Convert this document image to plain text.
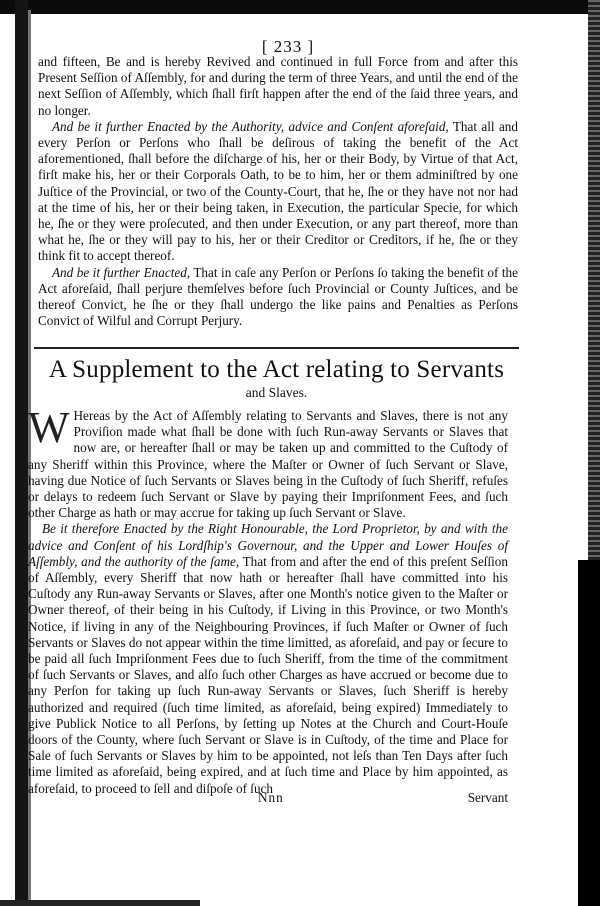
[ 233 ]

and fifteen, Be and is hereby Revived and continued in full Force from and after this Present Seſſion of Aſſembly, for and during the term of three Years, and until the end of the next Seſſion of Aſſembly, which ſhall firſt happen after the end of the ſaid three years, and no longer.

And be it further Enacted by the Authority, advice and Conſent aforeſaid, That all and every Perſon or Perſons who ſhall be deſirous of taking the benefit of the Act aforementioned, ſhall before the diſcharge of his, her or their Body, by Virtue of that Act, firſt make his, her or their Corporals Oath, to be to him, her or them adminiſtred by one Juſtice of the Provincial, or two of the County-Court, that he, ſhe or they have not nor had at the time of his, her or their being taken, in Execution, the particular Specie, for which he, ſhe or they were proſecuted, and then under Execution, or any part thereof, more than what he, ſhe or they will pay to his, her or their Creditor or Creditors, if he, ſhe or they think fit to accept thereof.

And be it further Enacted, That in caſe any Perſon or Perſons ſo taking the benefit of the Act aforeſaid, ſhall perjure themſelves before ſuch Provincial or County Juſtices, and be thereof Convict, he ſhe or they ſhall undergo the like pains and Penalties as Perſons Convict of Wilful and Corrupt Perjury.

A Supplement to the Act relating to Servants
and Slaves.

W Hereas by the Act of Aſſembly relating to Servants and Slaves, there is not any Proviſion made what ſhall be done with ſuch Run-away Servants or Slaves that now are, or hereafter ſhall or may be taken up and committed to the Cuſtody of any Sheriff within this Province, where the Maſter or Owner of ſuch Servant or Slave, having due Notice of ſuch Servants or Slaves being in the Cuſtody of ſuch Sheriff, refuſes or delays to redeem ſuch Servant or Slave by paying their Impriſonment Fees, and ſuch other Charge as hath or may accrue for taking up ſuch Servant or Slave.

Be it therefore Enacted by the Right Honourable, the Lord Proprietor, by and with the advice and Conſent of his Lordſhip's Governour, and the Upper and Lower Houſes of Aſſembly, and the authority of the ſame, That from and after the end of this preſent Seſſion of Aſſembly, every Sheriff that now hath or hereafter ſhall have committed into his Cuſtody any Run-away Servants or Slaves, after one Month's notice given to the Maſter or Owner thereof, of their being in his Cuſtody, if Living in this Province, or two Month's Notice, if living in any of the Neighbouring Provinces, if ſuch Maſter or Owner of ſuch Servants or Slaves do not appear within the time limitted, as aforeſaid, and pay or ſecure to be paid all ſuch Impriſonment Fees due to ſuch Sheriff, from the time of the commitment of ſuch Servants or Slaves, and alſo ſuch other Charges as have accrued or become due to any Perſon for taking up ſuch Run-away Servants or Slaves, ſuch Sheriff is hereby authorized and required (ſuch time limited, as aforeſaid, being expired) Immediately to give Publick Notice to all Perſons, by ſetting up Notes at the Church and Court-Houſe doors of the County, where ſuch Servant or Slave is in Cuſtody, of the time and Place for Sale of ſuch Servants or Slaves by him to be appointed, not leſs than Ten Days after ſuch time limited as aforeſaid, being expired, and at ſuch time and Place by him appointed, as aforeſaid, to proceed to ſell and diſpoſe of ſuch

Nnn	Servant
